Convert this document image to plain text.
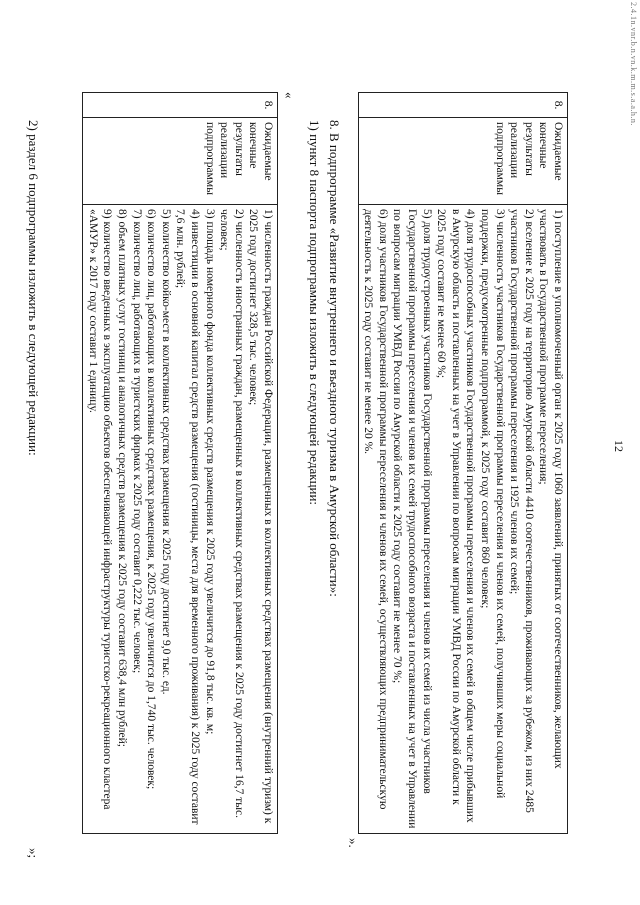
2.4.1n.vnr.b.n.vn.k.m.m.s.a.a.h.n.
12
8.	Ожидаемые конечные результаты реализации подпрограммы	

1) поступление в уполномоченный орган к 2025 году 1060 заявлений, принятых от соотечественников, желающих участвовать в Государственной программе переселения;

2) вселение к 2025 году на территорию Амурской области 4410 соотечественников, проживающих за рубежом, из них 2485 участников Государственной программы переселения и 1925 членов их семей;

3) численность участников Государственной программы переселения и членов их семей, получивших меры социальной поддержки, предусмотренные подпрограммой, к 2025 году составит 860 человек;

4) доля трудоспособных участников Государственной программы переселения и членов их семей в общем числе прибывших в Амурскую область и поставленных на учет в Управлении по вопросам миграции УМВД России по Амурской области к 2025 году составит не менее 60 %;

5) доля трудоустроенных участников Государственной программы переселения и членов их семей из числа участников Государственной программы переселения и членов их семей трудоспособного возраста и поставленных на учет в Управлении по вопросам миграции УМВД России по Амурской области к 2025 году составит не менее 70 %;

6) доля участников Государственной программы переселения и членов их семей, осуществляющих предпринимательскую деятельность к 2025 году составит не менее 20 %.

».
8. В подпрограмме «Развитие внутреннего и въездного туризма в Амурской области»:
1) пункт 8 паспорта подпрограммы изложить в следующей редакции:
«
8.	Ожидаемые конечные результаты реализации подпрограммы	

1) численность граждан Российской Федерации, размещенных в коллективных средствах размещения (внутренний туризм) к 2025 году достигнет 328,5 тыс. человек;

2) численность иностранных граждан, размещенных в коллективных средствах размещения к 2025 году достигнет 16,7 тыс. человек;

3) площадь номерного фонда коллективных средств размещения к 2025 году увеличится до 91,8 тыс. кв. м;

4) инвестиции в основной капитал средств размещения (гостиницы, места для временного проживания) к 2025 году составит 7,6 млн. рублей;

5) количество койко-мест в коллективных средствах размещения к 2025 году достигнет 9,0 тыс. ед.

6) количество лиц, работающих в коллективных средствах размещения, к 2025 году увеличится до 1,740 тыс. человек;

7) количество лиц, работающих в туристских фирмах к 2025 году составит 0,222 тыс. человек;

8) объем платных услуг гостиниц и аналогичных средств размещения к 2025 году составит 638,4 млн рублей;

9) количество введенных в эксплуатацию объектов обеспечивающей инфраструктуры туристско-рекреационного кластера «АМУР» к 2017 году составит 1 единицу.

»;
2) раздел 6 подпрограммы изложить в следующей редакции:
